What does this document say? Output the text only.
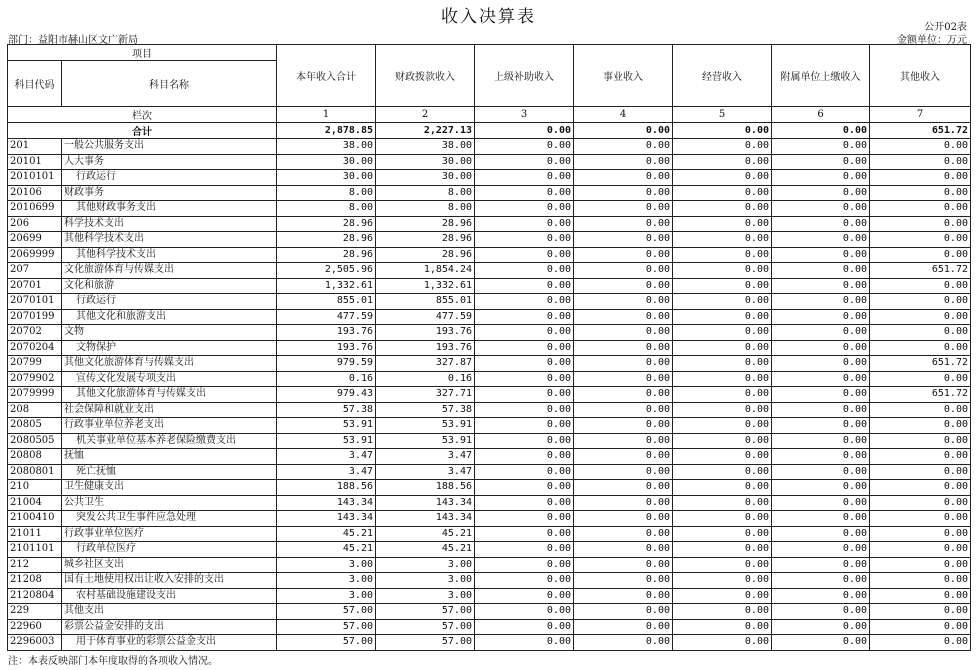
收入决算表
公开02表
部门：益阳市赫山区文广新局	金额单位：万元
项目		本年收入合计	财政拨款收入	上级补助收入	事业收入	经营收入	附属单位上缴收入	其他收入
科目代码	科目名称							
栏次		1	2	3	4	5	6	7
合计		2,878.85	2,227.13	0.00	0.00	0.00	0.00	651.72
201	一般公共服务支出	38.00	38.00	0.00	0.00	0.00	0.00	0.00
20101	人大事务	30.00	30.00	0.00	0.00	0.00	0.00	0.00
2010101	行政运行	30.00	30.00	0.00	0.00	0.00	0.00	0.00
20106	财政事务	8.00	8.00	0.00	0.00	0.00	0.00	0.00
2010699	其他财政事务支出	8.00	8.00	0.00	0.00	0.00	0.00	0.00
206	科学技术支出	28.96	28.96	0.00	0.00	0.00	0.00	0.00
20699	其他科学技术支出	28.96	28.96	0.00	0.00	0.00	0.00	0.00
2069999	其他科学技术支出	28.96	28.96	0.00	0.00	0.00	0.00	0.00
207	文化旅游体育与传媒支出	2,505.96	1,854.24	0.00	0.00	0.00	0.00	651.72
20701	文化和旅游	1,332.61	1,332.61	0.00	0.00	0.00	0.00	0.00
2070101	行政运行	855.01	855.01	0.00	0.00	0.00	0.00	0.00
2070199	其他文化和旅游支出	477.59	477.59	0.00	0.00	0.00	0.00	0.00
20702	文物	193.76	193.76	0.00	0.00	0.00	0.00	0.00
2070204	文物保护	193.76	193.76	0.00	0.00	0.00	0.00	0.00
20799	其他文化旅游体育与传媒支出	979.59	327.87	0.00	0.00	0.00	0.00	651.72
2079902	宣传文化发展专项支出	0.16	0.16	0.00	0.00	0.00	0.00	0.00
2079999	其他文化旅游体育与传媒支出	979.43	327.71	0.00	0.00	0.00	0.00	651.72
208	社会保障和就业支出	57.38	57.38	0.00	0.00	0.00	0.00	0.00
20805	行政事业单位养老支出	53.91	53.91	0.00	0.00	0.00	0.00	0.00
2080505	机关事业单位基本养老保险缴费支出	53.91	53.91	0.00	0.00	0.00	0.00	0.00
20808	抚恤	3.47	3.47	0.00	0.00	0.00	0.00	0.00
2080801	死亡抚恤	3.47	3.47	0.00	0.00	0.00	0.00	0.00
210	卫生健康支出	188.56	188.56	0.00	0.00	0.00	0.00	0.00
21004	公共卫生	143.34	143.34	0.00	0.00	0.00	0.00	0.00
2100410	突发公共卫生事件应急处理	143.34	143.34	0.00	0.00	0.00	0.00	0.00
21011	行政事业单位医疗	45.21	45.21	0.00	0.00	0.00	0.00	0.00
2101101	行政单位医疗	45.21	45.21	0.00	0.00	0.00	0.00	0.00
212	城乡社区支出	3.00	3.00	0.00	0.00	0.00	0.00	0.00
21208	国有土地使用权出让收入安排的支出	3.00	3.00	0.00	0.00	0.00	0.00	0.00
2120804	农村基础设施建设支出	3.00	3.00	0.00	0.00	0.00	0.00	0.00
229	其他支出	57.00	57.00	0.00	0.00	0.00	0.00	0.00
22960	彩票公益金安排的支出	57.00	57.00	0.00	0.00	0.00	0.00	0.00
2296003	用于体育事业的彩票公益金支出	57.00	57.00	0.00	0.00	0.00	0.00	0.00
注：本表反映部门本年度取得的各项收入情况。
